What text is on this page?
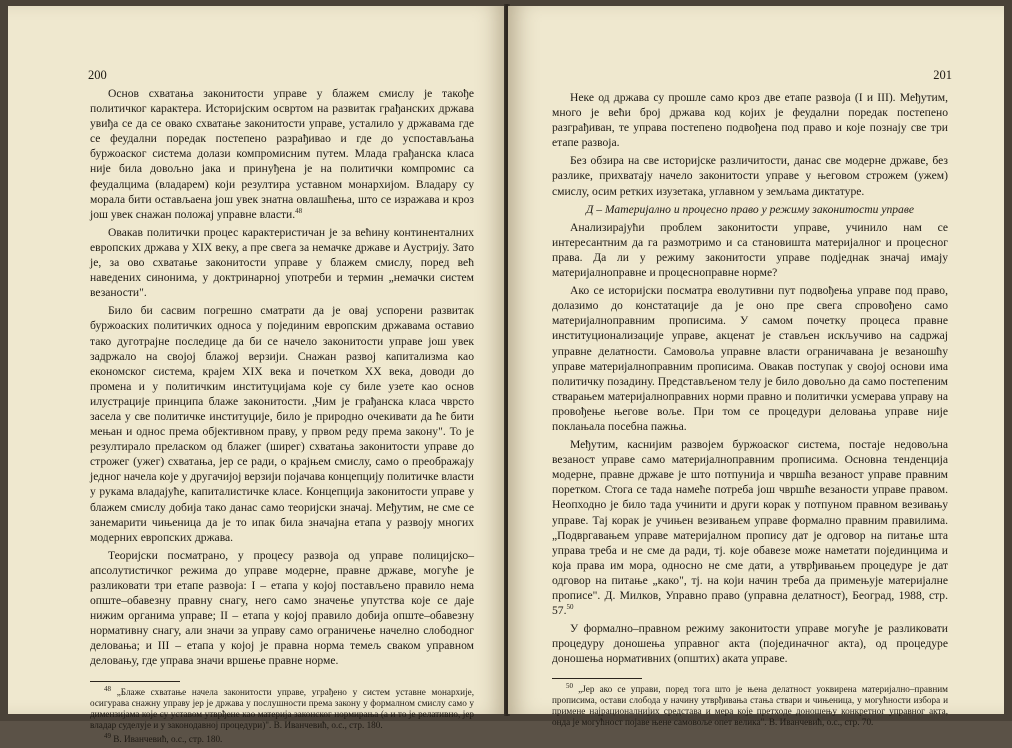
200

Основ схватања законитости управе у блажем смислу је такође политичког карактера. Историјским освртом на развитак грађанских држава увиђа се да се овако схватање законитости управе, усталило у државама где се феудални поредак постепено разрађивао и где до успостављања буржоаског система долази компромисним путем. Млада грађанска класа није била довољно јака и принуђена је на политички компромис са феудалцима (владарем) који резултира уставном монархијом. Владару су морала бити остављаена још увек знатна овлашћења, што се изражава и кроз још увек снажан положај управне власти.$^{48}$

Овакав политички процес карактеристичан је за већину континенталних европских држава у XIX веку, а пре свега за немачке државе и Аустрију. Зато је, за ово схватање законитости управе у блажем смислу, поред већ наведених синонима, у доктринарној употреби и термин „немачки систем везаности".

Било би сасвим погрешно сматрати да је овај успорени развитак буржоаских политичких односа у појединим европским државама оставио тако дуготрајне последице да би се начело законитости управе још увек задржало на својој блажој верзији. Снажан развој капитализма као економског система, крајем XIX века и почетком XX века, доводи до промена и у политичким институцијама које су биле узете као основ илустрације принципа блаже законитости. „Чим је грађанска класа чврсто засела у све политичке институције, било је природно очекивати да ће бити мењан и однос према објективном праву, у првом реду према закону". То је резултирало преласком од блажег (ширег) схватања законитости управе до строжег (ужег) схватања, јер се ради, о крајњем смислу, само о преображају једног начела које у другачијој верзији појачава концепцију политичке власти у рукама владајуће, капиталистичке класе. Концепција законитости управе у блажем смислу добија тако данас само теоријски значај. Међутим, не сме се занемарити чињеница да је то ипак била значајна етапа у развоју многих модерних европских држава.

Теоријски посматрано, у процесу развоја од управе полицијско–апсолутистичког режима до управе модерне, правне државе, могуће је разликовати три етапе развоја: I – етапа у којој постављено правило нема опште–обавезну правну снагу, него само значење упутства које се даје нижим органима управе; II – етапа у којој правило добија опште–обавезну нормативну снагу, али значи за управу само ограничење начелно слободног деловања; и III – етапа у којој је правна норма темељ сваком управном деловању, где управа значи вршење правне норме.

$^{48}$ „Блаже схватање начела законитости управе, уграђено у систем уставне монархије, осигурава снажну управу јер је држава у послушности према закону у формалном смислу само у димензијама које су уставом утврђене као материја законског нормирања (а и то је релативно, јер владар суделује и у законодавној процедури)". В. Иванчевић, о.с., стр. 180.

$^{49}$ В. Иванчевић, о.с., стр. 180.

201

Неке од држава су прошле само кроз две етапе развоја (I и III). Међутим, много је већи број држава код којих је феудални поредак постепено разграђиван, те управа постепено подвођена под право и које познају све три етапе развоја.

Без обзира на све историјске различитости, данас све модерне државе, без разлике, прихватају начело законитости управе у његовом строжем (ужем) смислу, осим ретких изузетака, углавном у земљама диктатуре.

Д – Материјално и процесно право у режиму законитости управе

Анализирајући проблем законитости управе, учинило нам се интересантним да га размотримо и са становишта материјалног и процесног права. Да ли у режиму законитости управе подједнак значај имају материјалноправне и процесноправне норме?

Ако се историјски посматра еволутивни пут подвођења управе под право, долазимо до констатације да је оно пре свега спровођено само материјалноправним прописима. У самом почетку процеса правне институционализације управе, акценат је стављен искључиво на садржај управне делатности. Самовоља управне власти ограничавана је везаношћу управе материјалноправним прописима. Овакав поступак у својој основи има политичку позадину. Представљеном телу је било довољно да само постепеним стварањем материјалноправних норми правно и политички усмерава управу на провођење његове воље. При том се процедури деловања управе није поклањала посебна пажња.

Међутим, каснијим развојем буржоаског система, постаје недовољна везаност управе само материјалноправним прописима. Основна тенденција модерне, правне државе је што потпунија и чвршћа везаност управе правним поретком. Стога се тада намеће потреба још чвршће везаности управе правом. Неопходно је било тада учинити и други корак у потпуном правном везивању управе. Тај корак је учињен везивањем управе формално правним правилима. „Подвргавањем управе материјалном пропису дат је одговор на питање шта управа треба и не сме да ради, тј. које обавезе може наметати појединцима и која права им мора, односно не сме дати, а утврђивањем процедуре је дат одговор на питање „како", тј. на који начин треба да примењује материјалне прописе". Д. Милков, Управно право (управна делатност), Београд, 1988, стр. 57.50

У формално–правном режиму законитости управе могуће је разликовати процедуру доношења управног акта (појединачног акта), од процедуре доношења нормативних (општих) аката управе.

$^{50}$ „Јер ако се управи, поред тога што је њена делатност уоквирена материјално–правним прописима, остави слобода у начину утврђивања стања ствари и чињеница, у могућности избора и примене најрационалнијих средстава и мера које претходе доношењу конкретног управног акта, онда је могућност појаве њене самовоље опет велика". В. Иванчевић, о.с., стр. 70.
